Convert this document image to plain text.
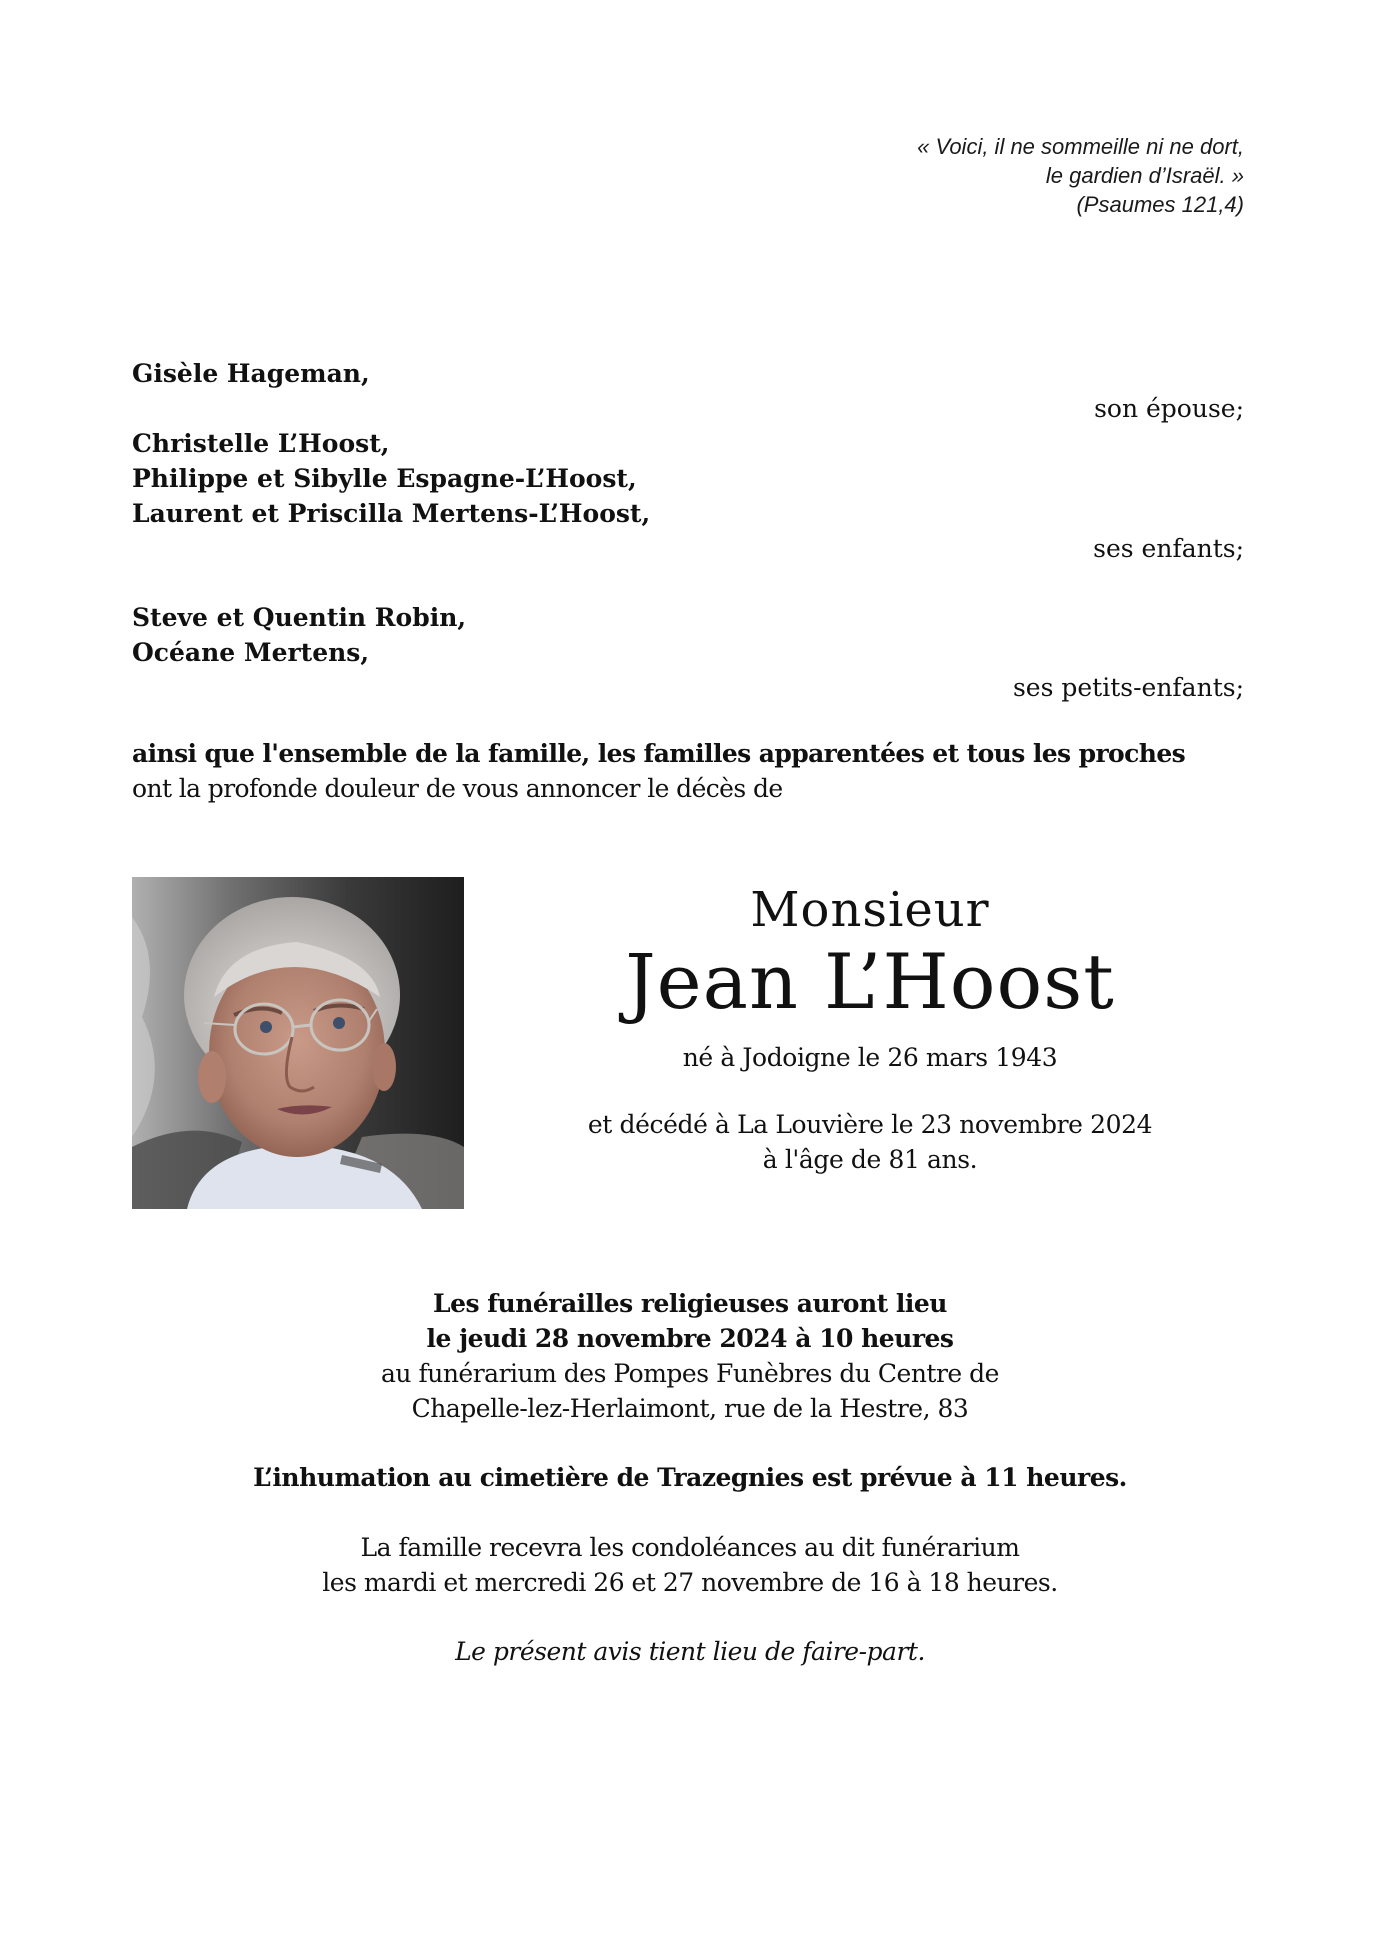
« Voici, il ne sommeille ni ne dort,
le gardien d’Israël. »
(Psaumes 121,4)
Gisèle Hageman,
son épouse;
Christelle L’Hoost,
Philippe et Sibylle Espagne-L’Hoost,
Laurent et Priscilla Mertens-L’Hoost,
ses enfants;
Steve et Quentin Robin,
Océane Mertens,
ses petits-enfants;
ainsi que l'ensemble de la famille, les familles apparentées et tous les proches
ont la profonde douleur de vous annoncer le décès de
Monsieur
Jean L’Hoost
né à Jodoigne le 26 mars 1943
et décédé à La Louvière le 23 novembre 2024
à l'âge de 81 ans.
Les funérailles religieuses auront lieu
le jeudi 28 novembre 2024 à 10 heures
au funérarium des Pompes Funèbres du Centre de
Chapelle-lez-Herlaimont, rue de la Hestre, 83
L’inhumation au cimetière de Trazegnies est prévue à 11 heures.
La famille recevra les condoléances au dit funérarium
les mardi et mercredi 26 et 27 novembre de 16 à 18 heures.
Le présent avis tient lieu de faire-part.
